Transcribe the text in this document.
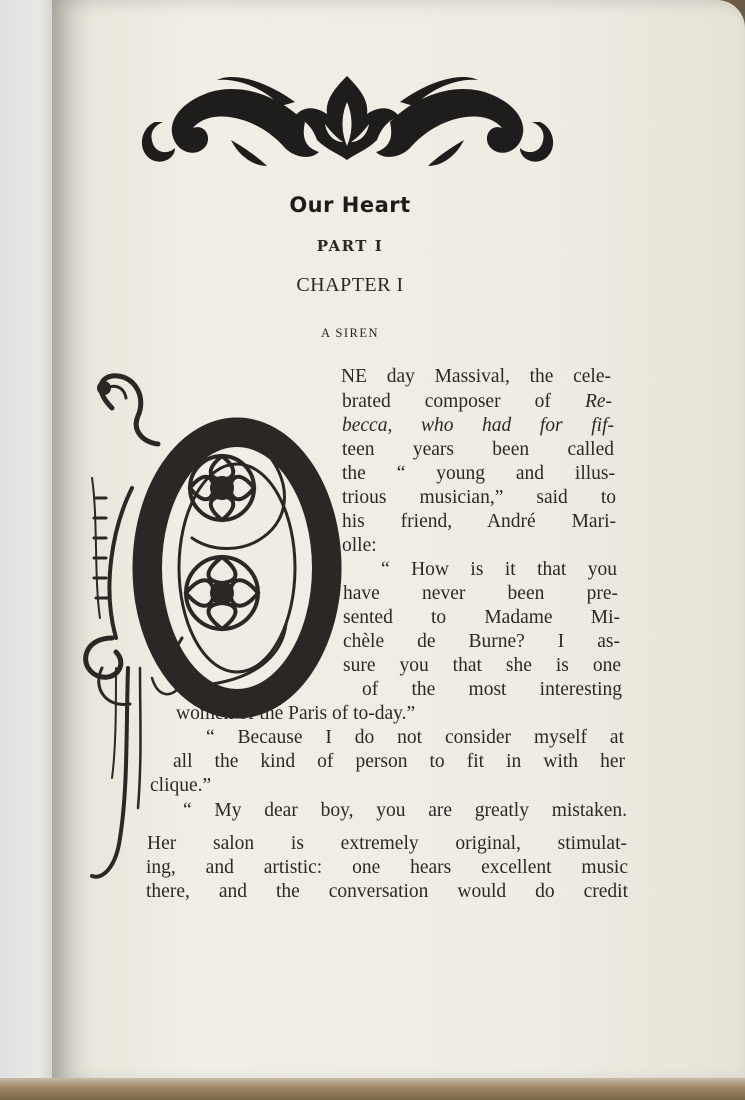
Our Heart
PART I
CHAPTER I
A SIREN
NE day Massival, the cele-
brated composer of Re-
becca, who had for fif-
teen years been called
the “ young and illus-
trious musician,” said to
his friend, André Mari-
olle:
“ How is it that you
have never been pre-
sented to Madame Mi-
chèle de Burne? I as-
sure you that she is one
of the most interesting
women of the Paris of to-day.”
“ Because I do not consider myself at
all the kind of person to fit in with her
clique.”
“ My dear boy, you are greatly mistaken.
Her salon is extremely original, stimulat-
ing, and artistic: one hears excellent music
there, and the conversation would do credit
